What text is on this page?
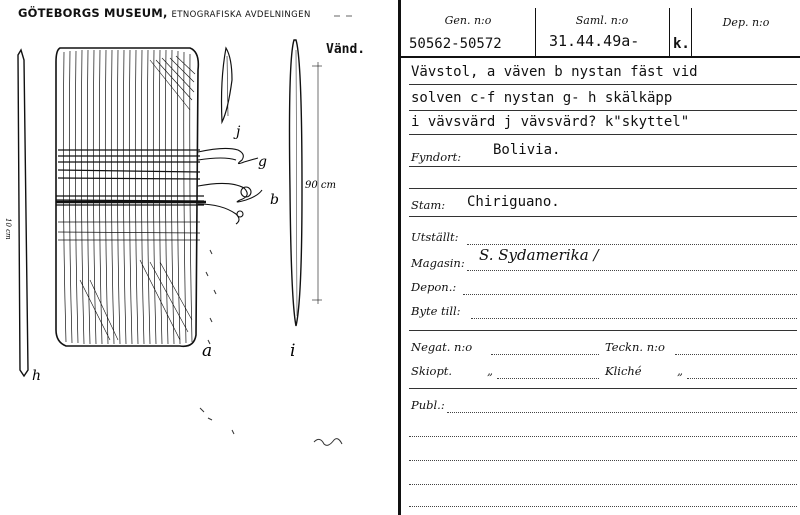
GÖTEBORGS MUSEUM, ETNOGRAFISKA AVDELNINGEN
Vänd.
a
b
g
j
i
h
90 cm
10 cm
Gen. n:o
50562-50572
Saml. n:o
31.44.49a- k.
Dep. n:o
Vävstol, a väven b nystan fäst vid
solven c-f nystan g- h skälkäpp
i vävsvärd j vävsvärd? k"skyttel"
Fyndort: Bolivia.
Stam: Chiriguano.
Utställt:
Magasin: S. Sydamerika /
Depon.:
Byte till:
Negat. n:o	Teckn. n:o
Skiopt.	„	Kliché	„
Publ.:
